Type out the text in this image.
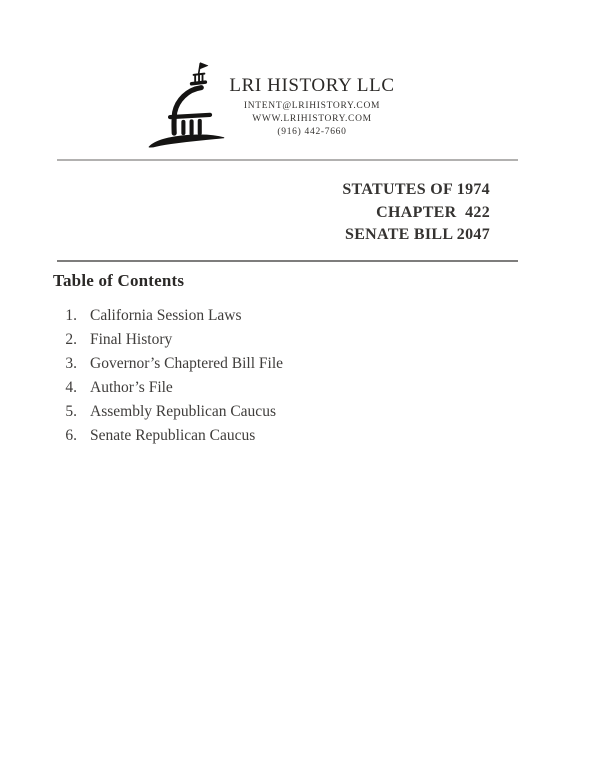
LRI HISTORY LLC
INTENT@LRIHISTORY.COM
WWW.LRIHISTORY.COM
(916) 442-7660
STATUTES OF 1974
CHAPTER  422
SENATE BILL 2047
Table of Contents
1. California Session Laws
2. Final History
3. Governor’s Chaptered Bill File
4. Author’s File
5. Assembly Republican Caucus
6. Senate Republican Caucus
